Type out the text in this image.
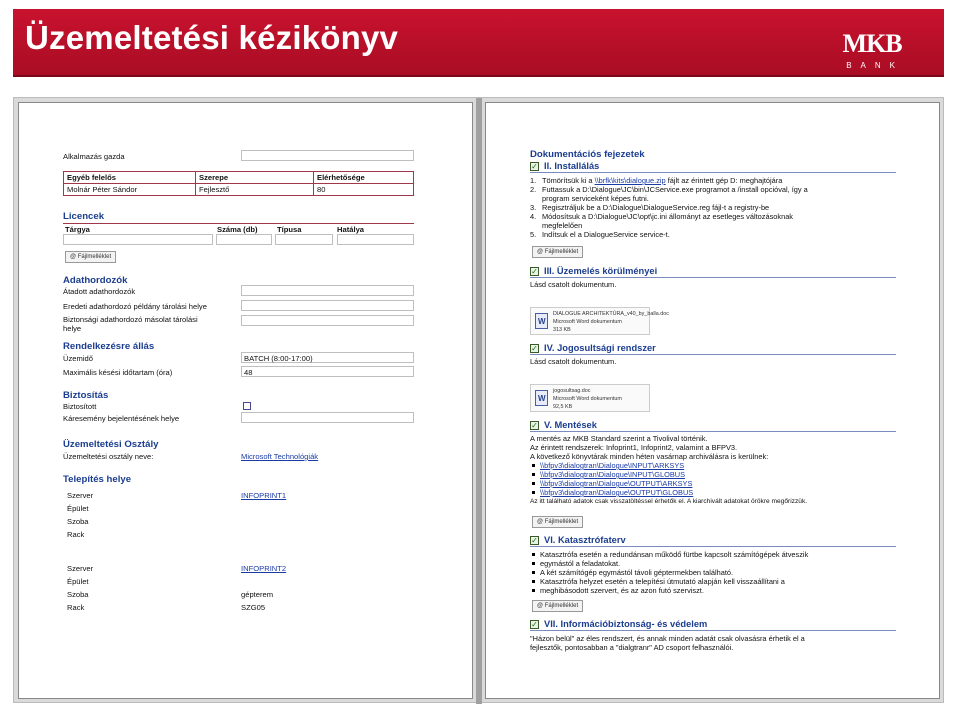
Üzemeltetési kézikönyv	MKB
BANK
Alkalmazás gazda
Egyéb felelős	Szerepe	Elérhetősége
Molnár Péter Sándor	Fejlesztő	80
Licencek
Tárgya	Száma (db)	Típusa	Hatálya
@ Fájlmelléklet
Adathordozók
Átadott adathordozók
Eredeti adathordozó példány tárolási helye
Biztonsági adathordozó másolat tárolási
helye
Rendelkezésre állás
Üzemidő	BATCH (8:00-17:00)
Maximális késési időtartam (óra)	48
Biztosítás
Biztosított
Káresemény bejelentésének helye
Üzemeltetési Osztály
Üzemeltetési osztály neve:	Microsoft Technológiák
Telepítés helye
Szerver	INFOPRINT1
Épület
Szoba
Rack
Szerver	INFOPRINT2
Épület
Szoba	gépterem
Rack	SZG05
Dokumentációs fejezetek
✓ II. Installálás
1. Tömörítsük ki a \\brfk\kits\dialogue.zip fájlt az érintett gép D: meghajtójára
2. Futtassuk a D:\Dialogue\JC\bin\JCService.exe programot a /install opcióval, így a
program serviceként képes futni.
3. Regisztráljuk be a D:\Dialogue\DialogueService.reg fájl-t a registry-be
4. Módosítsuk a D:\Dialogue\JC\opt\jc.ini állományt az esetleges változásoknak
megfelelően
5. Indítsuk el a DialogueService service-t.
@ Fájlmelléklet
✓ III. Üzemelés körülményei
Lásd csatolt dokumentum.
W
DIALOGUE ARCHITEKTÚRA_v40_by_balla.doc
Microsoft Word dokumentum
313 KB
✓ IV. Jogosultsági rendszer
Lásd csatolt dokumentum.
W
jogosultsag.doc
Microsoft Word dokumentum
92,5 KB
✓ V. Mentések
A mentés az MKB Standard szerint a Tivolival történik.
Az érintett rendszerek: Infoprint1, Infoprint2, valamint a BFPV3.
A következő könyvtárak minden héten vasárnap archiválásra is kerülnek:
\\bfpv3\dialogtran\Dialogue\INPUT\ARKSYS
\\bfpv3\dialogtran\Dialogue\INPUT\GLOBUS
\\bfpv3\dialogtran\Dialogue\OUTPUT\ARKSYS
\\bfpv3\dialogtran\Dialogue\OUTPUT\GLOBUS
Az itt található adatok csak visszatöltéssel érhetők el. A kiarchivált adatokat örökre megőrizzük.
@ Fájlmelléklet
✓ VI. Katasztrófaterv
Katasztrófa esetén a redundánsan működő fürtbe kapcsolt számítógépek átveszik
egymástól a feladatokat.
A két számítógép egymástól távoli géptermekben található.
Katasztrófa helyzet esetén a telepítési útmutató alapján kell visszaállítani a
meghibásodott szervert, és az azon futó szerviszt.
@ Fájlmelléklet
✓ VII. Információbiztonság- és védelem
"Házon belül" az éles rendszert, és annak minden adatát csak olvasásra érhetik el a
fejlesztők, pontosabban a "dialgtranr" AD csoport felhasználói.
